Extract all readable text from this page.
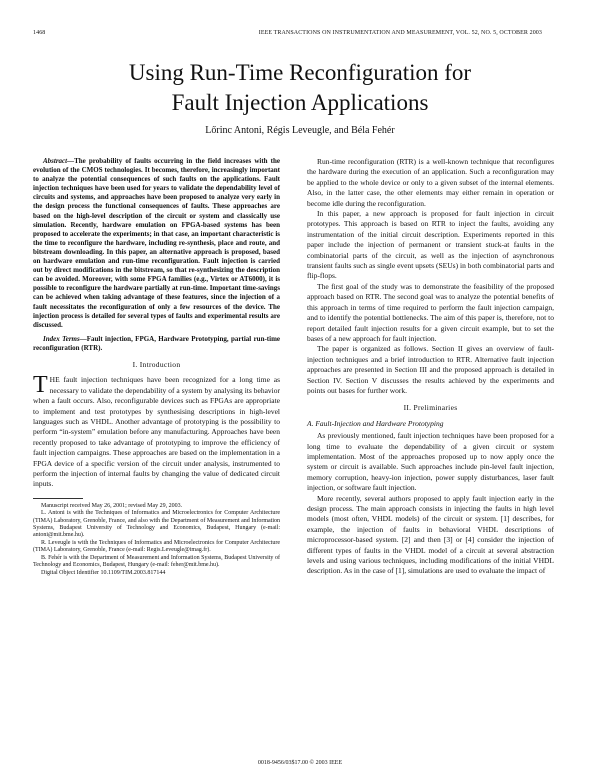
1468	IEEE TRANSACTIONS ON INSTRUMENTATION AND MEASUREMENT, VOL. 52, NO. 5, OCTOBER 2003
Using Run-Time Reconfiguration for
Fault Injection Applications
Lőrinc Antoni, Régis Leveugle, and Béla Fehér

Abstract—The probability of faults occurring in the field increases with the evolution of the CMOS technologies. It becomes, therefore, increasingly important to analyze the potential consequences of such faults on the applications. Fault injection techniques have been used for years to validate the dependability level of circuits and systems, and approaches have been proposed to analyze very early in the design process the functional consequences of faults. These approaches are based on the high-level description of the circuit or system and classically use simulation. Recently, hardware emulation on FPGA-based systems has been proposed to accelerate the experiments; in that case, an important characteristic is the time to reconfigure the hardware, including re-synthesis, place and route, and bitstream downloading. In this paper, an alternative approach is proposed, based on hardware emulation and run-time reconfiguration. Fault injection is carried out by direct modifications in the bitstream, so that re-synthesizing the description can be avoided. Moreover, with some FPGA families (e.g., Virtex or AT6000), it is possible to reconfigure the hardware partially at run-time. Important time-savings can be achieved when taking advantage of these features, since the injection of a fault necessitates the reconfiguration of only a few resources of the device. The injection process is detailed for several types of faults and experimental results are discussed.

Index Terms—Fault injection, FPGA, Hardware Prototyping, partial run-time reconfiguration (RTR).

I. Introduction

THE fault injection techniques have been recognized for a long time as necessary to validate the dependability of a system by analysing its behavior when a fault occurs. Also, reconfigurable devices such as FPGAs are appropriate to implement and test prototypes by synthesising descriptions in high-level languages such as VHDL. Another advantage of prototyping is the possibility to perform “in-system” emulation before any manufacturing. Approaches have been recently proposed to take advantage of prototyping to improve the efficiency of fault injection campaigns. These approaches are based on the implementation in a FPGA device of a specific version of the circuit under analysis, instrumented to perform the injection of internal faults by changing the value of dedicated circuit inputs.

Manuscript received May 26, 2001; revised May 29, 2003.

L. Antoni is with the Techniques of Informatics and Microelectronics for Computer Architecture (TIMA) Laboratory, Grenoble, France, and also with the Department of Measurement and Information Systems, Budapest University of Technology and Economics, Budapest, Hungary (e-mail: antoni@mit.bme.hu).

R. Leveugle is with the Techniques of Informatics and Microelectronics for Computer Architecture (TIMA) Laboratory, Grenoble, France (e-mail: Regis.Leveugle@imag.fr).

B. Fehér is with the Department of Measurement and Information Systems, Budapest University of Technology and Economics, Budapest, Hungary (e-mail: feher@mit.bme.hu).

Digital Object Identifier 10.1109/TIM.2003.817144

Run-time reconfiguration (RTR) is a well-known technique that reconfigures the hardware during the execution of an application. Such a reconfiguration may be applied to the whole device or only to a given subset of the internal elements. Also, in the latter case, the other elements may either remain in operation or become idle during the reconfiguration.

In this paper, a new approach is proposed for fault injection in circuit prototypes. This approach is based on RTR to inject the faults, avoiding any instrumentation of the initial circuit description. Experiments reported in this paper include the injection of permanent or transient stuck-at faults in the combinatorial parts of the circuit, as well as the injection of asynchronous transient faults such as single event upsets (SEUs) in both combinatorial parts and flip-flops.

The first goal of the study was to demonstrate the feasibility of the proposed approach based on RTR. The second goal was to analyze the potential benefits of this approach in terms of time required to perform the fault injection campaign, and to identify the potential bottlenecks. The aim of this paper is, therefore, not to report detailed fault injection results for a given circuit example, but to set the bases of a new approach for fault injection.

The paper is organized as follows. Section II gives an overview of fault-injection techniques and a brief introduction to RTR. Alternative fault injection approaches are presented in Section III and the proposed approach is detailed in Section IV. Section V discusses the results achieved by the experiments and points out bases for further work.

II. Preliminaries
A. Fault-Injection and Hardware Prototyping

As previously mentioned, fault injection techniques have been proposed for a long time to evaluate the dependability of a given circuit or system implementation. Most of the approaches proposed up to now apply once the system or circuit is available. Such approaches include pin-level fault injection, memory corruption, heavy-ion injection, power supply disturbances, laser fault injection, or software fault injection.

More recently, several authors proposed to apply fault injection early in the design process. The main approach consists in injecting the faults in high level models (most often, VHDL models) of the circuit or system. [1] describes, for example, the injection of faults in behavioral VHDL descriptions of microprocessor-based system. [2] and then [3] or [4] consider the injection of different types of faults in the VHDL model of a circuit at several abstraction levels and using various techniques, including modifications of the initial VHDL description. As in the case of [1], simulations are used to evaluate the impact of

0018-9456/03$17.00 © 2003 IEEE
